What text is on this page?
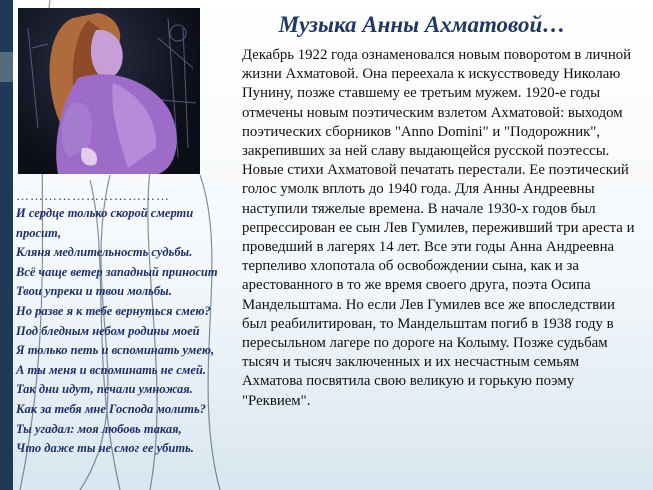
Музыка Анны Ахматовой…

Декабрь 1922 года ознаменовался новым поворотом в личной жизни Ахматовой. Она переехала к искусствоведу Николаю Пунину, позже ставшему ее третьим мужем. 1920-е годы отмечены новым поэтическим взлетом Ахматовой: выходом поэтических сборников "Anno Domini" и "Подорожник", закрепивших за ней славу выдающейся русской поэтессы. Новые стихи Ахматовой печатать перестали. Ее поэтический голос умолк вплоть до 1940 года. Для Анны Андреевны наступили тяжелые времена. В начале 1930-х годов был репрессирован ее сын Лев Гумилев, переживший три ареста и проведший в лагерях 14 лет. Все эти годы Анна Андреевна терпеливо хлопотала об освобождении сына, как и за арестованного в то же время своего друга, поэта Осипа Мандельштама. Но если Лев Гумилев все же впоследствии был реабилитирован, то Мандельштам погиб в 1938 году в пересыльном лагере по дороге на Колыму. Позже судьбам тысяч и тысяч заключенных и их несчастным семьям Ахматова посвятила свою великую и горькую поэму "Реквием".

……………………………
И сердце только скорой смерти
просит,
Кляня медлительность судьбы.
Всё чаще ветер западный приносит
Твои упреки и твои мольбы.
Но разве я к тебе вернуться смею?
Под бледным небом родины моей
Я только петь и вспоминать умею,
А ты меня и вспоминать не смей.
Так дни идут, печали умножая.
Как за тебя мне Господа молить?
Ты угадал: моя любовь такая,
Что даже ты не смог ее убить.
